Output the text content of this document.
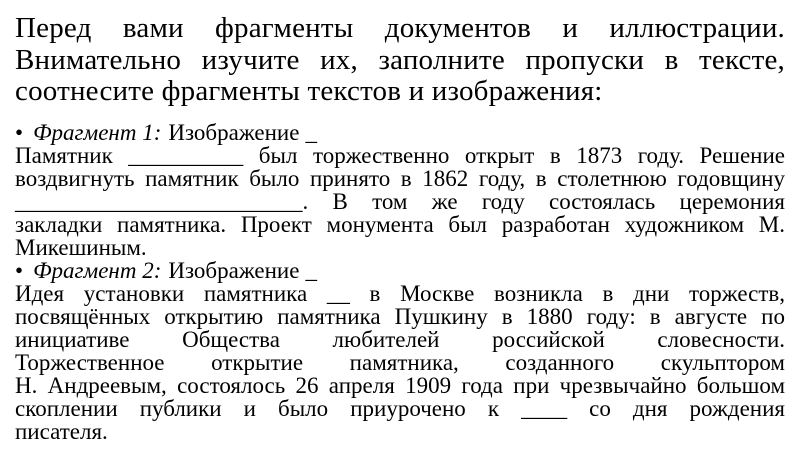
Перед вами фрагменты документов и иллюстрации.
Внимательно изучите их, заполните пропуски в тексте,
соотнесите фрагменты текстов и изображения:
• Фрагмент 1: Изображение _
Памятник __________ был торжественно открыт в 1873 году. Решение
воздвигнуть памятник было принято в 1862 году, в столетнюю годовщину
_________________________. В том же году состоялась церемония
закладки памятника. Проект монумента был разработан художником М.
Микешиным.
• Фрагмент 2: Изображение _
Идея установки памятника __ в Москве возникла в дни торжеств,
посвящённых открытию памятника Пушкину в 1880 году: в августе по
инициативе Общества любителей российской словесности.
Торжественное открытие памятника, созданного скульптором
Н. Андреевым, состоялось 26 апреля 1909 года при чрезвычайно большом
скоплении публики и было приурочено к ____ со дня рождения
писателя.
